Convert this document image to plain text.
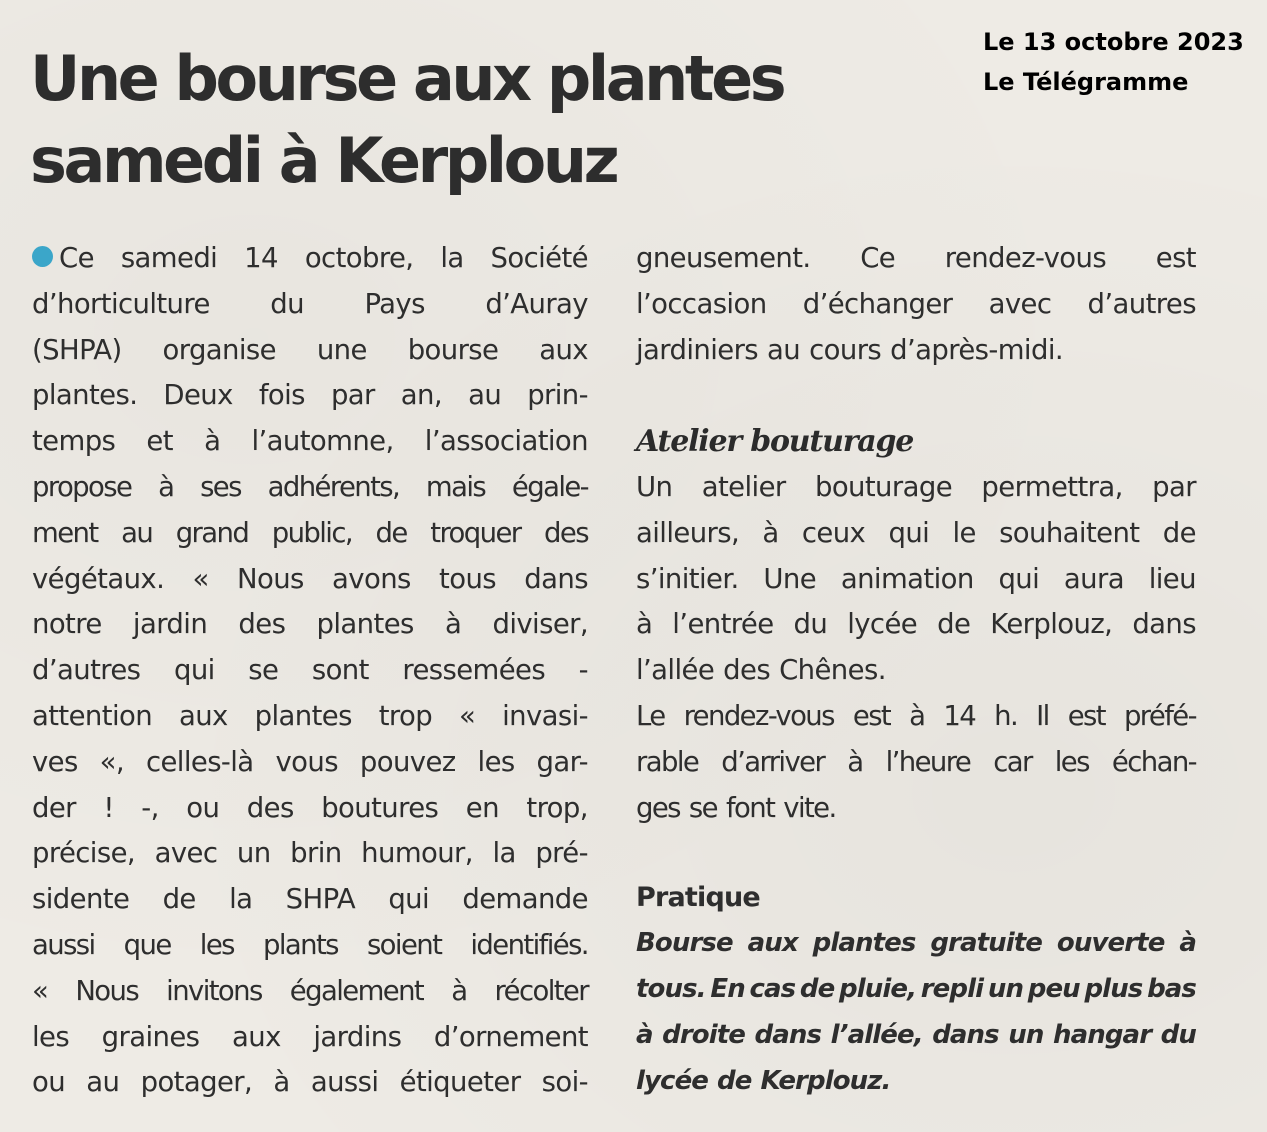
Le 13 octobre 2023
Le Télégramme
Une bourse aux plantes
samedi à Kerplouz
Ce samedi 14 octobre, la Société
d’horticulture du Pays d’Auray
(SHPA) organise une bourse aux
plantes. Deux fois par an, au prin-
temps et à l’automne, l’association
propose à ses adhérents, mais égale-
ment au grand public, de troquer des
végétaux. « Nous avons tous dans
notre jardin des plantes à diviser,
d’autres qui se sont ressemées -
attention aux plantes trop « invasi-
ves «, celles-là vous pouvez les gar-
der ! -, ou des boutures en trop,
précise, avec un brin humour, la pré-
sidente de la SHPA qui demande
aussi que les plants soient identifiés.
« Nous invitons également à récolter
les graines aux jardins d’ornement
ou au potager, à aussi étiqueter soi-
gneusement. Ce rendez-vous est
l’occasion d’échanger avec d’autres
jardiniers au cours d’après-midi.
Atelier bouturage
Un atelier bouturage permettra, par
ailleurs, à ceux qui le souhaitent de
s’initier. Une animation qui aura lieu
à l’entrée du lycée de Kerplouz, dans
l’allée des Chênes.
Le rendez-vous est à 14 h. Il est préfé-
rable d’arriver à l’heure car les échan-
ges se font vite.
Pratique
Bourse aux plantes gratuite ouverte à
tous. En cas de pluie, repli un peu plus bas
à droite dans l’allée, dans un hangar du
lycée de Kerplouz.
